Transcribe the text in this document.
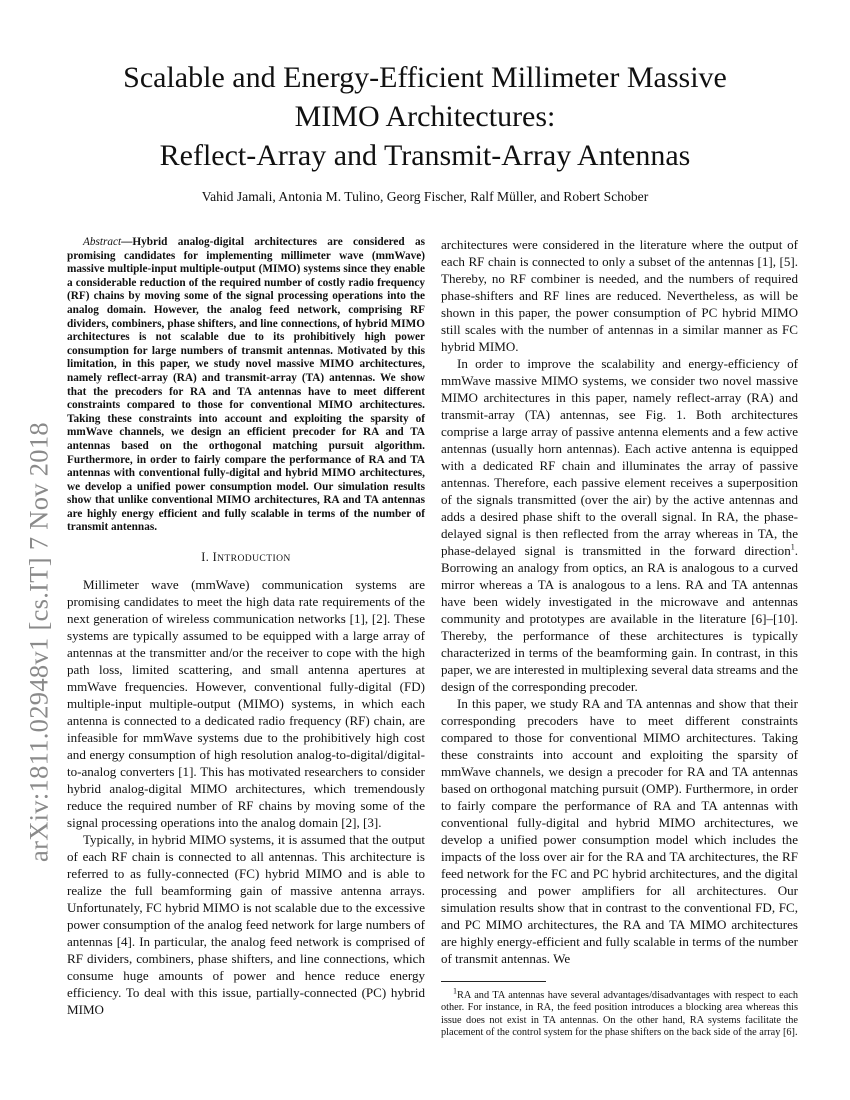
arXiv:1811.02948v1 [cs.IT] 7 Nov 2018
Scalable and Energy-Efficient Millimeter Massive
MIMO Architectures:
Reflect-Array and Transmit-Array Antennas
Vahid Jamali, Antonia M. Tulino, Georg Fischer, Ralf Müller, and Robert Schober

Abstract—Hybrid analog-digital architectures are considered as promising candidates for implementing millimeter wave (mmWave) massive multiple-input multiple-output (MIMO) systems since they enable a considerable reduction of the required number of costly radio frequency (RF) chains by moving some of the signal processing operations into the analog domain. However, the analog feed network, comprising RF dividers, combiners, phase shifters, and line connections, of hybrid MIMO architectures is not scalable due to its prohibitively high power consumption for large numbers of transmit antennas. Motivated by this limitation, in this paper, we study novel massive MIMO architectures, namely reflect-array (RA) and transmit-array (TA) antennas. We show that the precoders for RA and TA antennas have to meet different constraints compared to those for conventional MIMO architectures. Taking these constraints into account and exploiting the sparsity of mmWave channels, we design an efficient precoder for RA and TA antennas based on the orthogonal matching pursuit algorithm. Furthermore, in order to fairly compare the performance of RA and TA antennas with conventional fully-digital and hybrid MIMO architectures, we develop a unified power consumption model. Our simulation results show that unlike conventional MIMO architectures, RA and TA antennas are highly energy efficient and fully scalable in terms of the number of transmit antennas.

I. INTRODUCTION

Millimeter wave (mmWave) communication systems are promising candidates to meet the high data rate requirements of the next generation of wireless communication networks [1], [2]. These systems are typically assumed to be equipped with a large array of antennas at the transmitter and/or the receiver to cope with the high path loss, limited scattering, and small antenna apertures at mmWave frequencies. However, conventional fully-digital (FD) multiple-input multiple-output (MIMO) systems, in which each antenna is connected to a dedicated radio frequency (RF) chain, are infeasible for mmWave systems due to the prohibitively high cost and energy consumption of high resolution analog-to-digital/digital-to-analog converters [1]. This has motivated researchers to consider hybrid analog-digital MIMO architectures, which tremendously reduce the required number of RF chains by moving some of the signal processing operations into the analog domain [2], [3].

Typically, in hybrid MIMO systems, it is assumed that the output of each RF chain is connected to all antennas. This architecture is referred to as fully-connected (FC) hybrid MIMO and is able to realize the full beamforming gain of massive antenna arrays. Unfortunately, FC hybrid MIMO is not scalable due to the excessive power consumption of the analog feed network for large numbers of antennas [4]. In particular, the analog feed network is comprised of RF dividers, combiners, phase shifters, and line connections, which consume huge amounts of power and hence reduce energy efficiency. To deal with this issue, partially-connected (PC) hybrid MIMO

architectures were considered in the literature where the output of each RF chain is connected to only a subset of the antennas [1], [5]. Thereby, no RF combiner is needed, and the numbers of required phase-shifters and RF lines are reduced. Nevertheless, as will be shown in this paper, the power consumption of PC hybrid MIMO still scales with the number of antennas in a similar manner as FC hybrid MIMO.

In order to improve the scalability and energy-efficiency of mmWave massive MIMO systems, we consider two novel massive MIMO architectures in this paper, namely reflect-array (RA) and transmit-array (TA) antennas, see Fig. 1. Both architectures comprise a large array of passive antenna elements and a few active antennas (usually horn antennas). Each active antenna is equipped with a dedicated RF chain and illuminates the array of passive antennas. Therefore, each passive element receives a superposition of the signals transmitted (over the air) by the active antennas and adds a desired phase shift to the overall signal. In RA, the phase-delayed signal is then reflected from the array whereas in TA, the phase-delayed signal is transmitted in the forward direction$^1$. Borrowing an analogy from optics, an RA is analogous to a curved mirror whereas a TA is analogous to a lens. RA and TA antennas have been widely investigated in the microwave and antennas community and prototypes are available in the literature [6]–[10]. Thereby, the performance of these architectures is typically characterized in terms of the beamforming gain. In contrast, in this paper, we are interested in multiplexing several data streams and the design of the corresponding precoder.

In this paper, we study RA and TA antennas and show that their corresponding precoders have to meet different constraints compared to those for conventional MIMO architectures. Taking these constraints into account and exploiting the sparsity of mmWave channels, we design a precoder for RA and TA antennas based on orthogonal matching pursuit (OMP). Furthermore, in order to fairly compare the performance of RA and TA antennas with conventional fully-digital and hybrid MIMO architectures, we develop a unified power consumption model which includes the impacts of the loss over air for the RA and TA architectures, the RF feed network for the FC and PC hybrid architectures, and the digital processing and power amplifiers for all architectures. Our simulation results show that in contrast to the conventional FD, FC, and PC MIMO architectures, the RA and TA MIMO architectures are highly energy-efficient and fully scalable in terms of the number of transmit antennas. We

$^1$RA and TA antennas have several advantages/disadvantages with respect to each other. For instance, in RA, the feed position introduces a blocking area whereas this issue does not exist in TA antennas. On the other hand, RA systems facilitate the placement of the control system for the phase shifters on the back side of the array [6].
